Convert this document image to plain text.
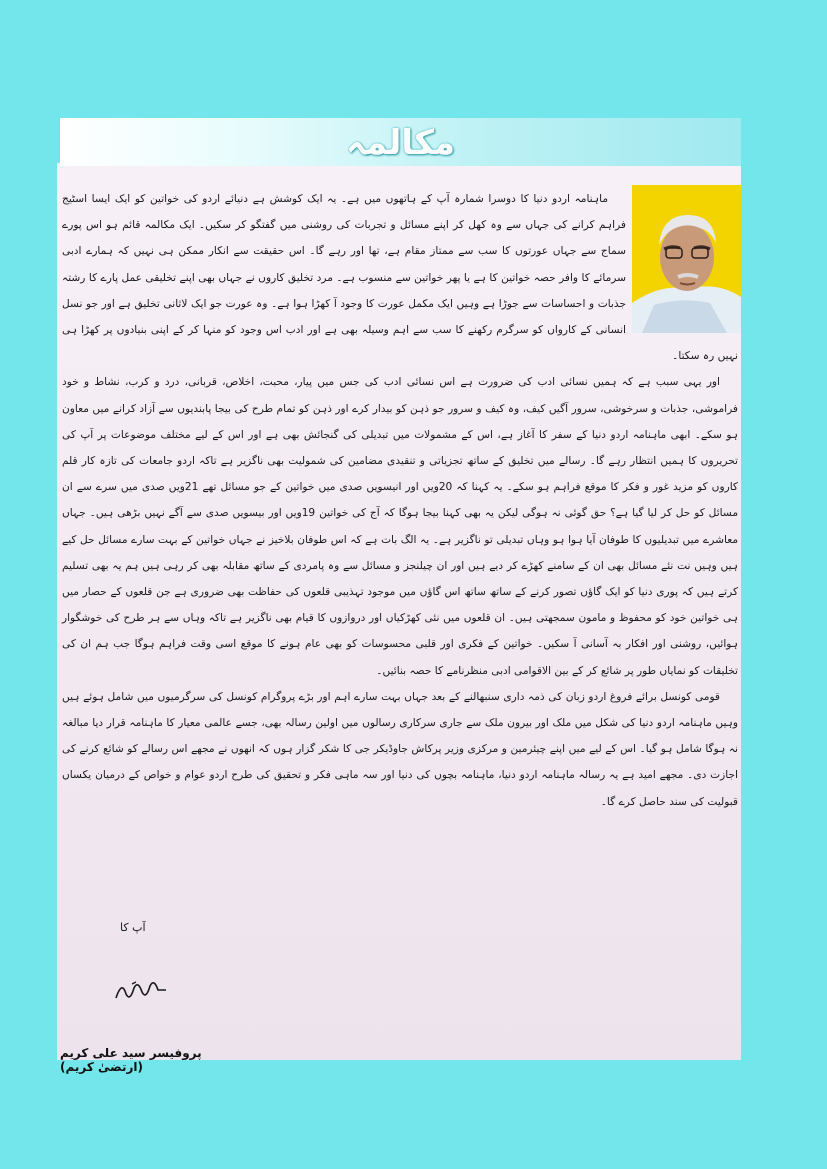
مکالمہ

ماہنامہ اردو دنیا کا دوسرا شمارہ آپ کے ہاتھوں میں ہے۔ یہ ایک کوشش ہے دنیائے اردو کی خواتین کو ایک ایسا اسٹیج فراہم کرانے کی جہاں سے وہ کھل کر اپنے مسائل و تجربات کی روشنی میں گفتگو کر سکیں۔ ایک مکالمہ قائم ہو اس پورے سماج سے جہاں عورتوں کا سب سے ممتاز مقام ہے، تھا اور رہے گا۔ اس حقیقت سے انکار ممکن ہی نہیں کہ ہمارے ادبی سرمائے کا وافر حصہ خواتین کا ہے یا پھر خواتین سے منسوب ہے۔ مرد تخلیق کاروں نے جہاں بھی اپنے تخلیقی عمل پارے کا رشتہ جذبات و احساسات سے جوڑا ہے وہیں ایک مکمل عورت کا وجود آ کھڑا ہوا ہے۔ وہ عورت جو ایک لاثانی تخلیق ہے اور جو نسل انسانی کے کارواں کو سرگرم رکھنے کا سب سے اہم وسیلہ بھی ہے اور ادب اس وجود کو منہا کر کے اپنی بنیادوں پر کھڑا ہی نہیں رہ سکتا۔

اور یہی سبب ہے کہ ہمیں نسائی ادب کی ضرورت ہے اس نسائی ادب کی جس میں پیار، محبت، اخلاص، قربانی، درد و کرب، نشاط و خود فراموشی، جذبات و سرخوشی، سرور آگیں کیف، وہ کیف و سرور جو ذہن کو بیدار کرے اور ذہن کو تمام طرح کی بیجا پابندیوں سے آزاد کرانے میں معاون ہو سکے۔ ابھی ماہنامہ اردو دنیا کے سفر کا آغاز ہے، اس کے مشمولات میں تبدیلی کی گنجائش بھی ہے اور اس کے لیے مختلف موضوعات پر آپ کی تحریروں کا ہمیں انتظار رہے گا۔ رسالے میں تخلیق کے ساتھ تجزیاتی و تنقیدی مضامین کی شمولیت بھی ناگزیر ہے تاکہ اردو جامعات کی تازہ کار قلم کاروں کو مزید غور و فکر کا موقع فراہم ہو سکے۔ یہ کہنا کہ 20ویں اور انیسویں صدی میں خواتین کے جو مسائل تھے 21ویں صدی میں سرے سے ان مسائل کو حل کر لیا گیا ہے؟ حق گوئی نہ ہوگی لیکن یہ بھی کہنا بیجا ہوگا کہ آج کی خواتین 19ویں اور بیسویں صدی سے آگے نہیں بڑھی ہیں۔ جہاں معاشرے میں تبدیلیوں کا طوفان آیا ہوا ہو وہاں تبدیلی تو ناگزیر ہے۔ یہ الگ بات ہے کہ اس طوفان بلاخیز نے جہاں خواتین کے بہت سارے مسائل حل کیے ہیں وہیں نت نئے مسائل بھی ان کے سامنے کھڑے کر دیے ہیں اور ان چیلنجز و مسائل سے وہ پامردی کے ساتھ مقابلہ بھی کر رہی ہیں ہم یہ بھی تسلیم کرتے ہیں کہ پوری دنیا کو ایک گاؤں تصور کرنے کے ساتھ ساتھ اس گاؤں میں موجود تہذیبی قلعوں کی حفاظت بھی ضروری ہے جن قلعوں کے حصار میں ہی خواتین خود کو محفوظ و مامون سمجھتی ہیں۔ ان قلعوں میں نئی کھڑکیاں اور دروازوں کا قیام بھی ناگزیر ہے تاکہ وہاں سے ہر طرح کی خوشگوار ہوائیں، روشنی اور افکار بہ آسانی آ سکیں۔ خواتین کے فکری اور قلبی محسوسات کو بھی عام ہونے کا موقع اسی وقت فراہم ہوگا جب ہم ان کی تخلیقات کو نمایاں طور پر شائع کر کے بین الاقوامی ادبی منظرنامے کا حصہ بنائیں۔

قومی کونسل برائے فروغ اردو زبان کی ذمہ داری سنبھالنے کے بعد جہاں بہت سارے اہم اور بڑے پروگرام کونسل کی سرگرمیوں میں شامل ہوئے ہیں وہیں ماہنامہ اردو دنیا کی شکل میں ملک اور بیرون ملک سے جاری سرکاری رسالوں میں اولین رسالہ بھی، جسے عالمی معیار کا ماہنامہ قرار دیا مبالغہ نہ ہوگا شامل ہو گیا۔ اس کے لیے میں اپنے چیئرمین و مرکزی وزیر پرکاش جاوڈیکر جی کا شکر گزار ہوں کہ انھوں نے مجھے اس رسالے کو شائع کرنے کی اجازت دی۔ مجھے امید ہے یہ رسالہ ماہنامہ اردو دنیا، ماہنامہ بچوں کی دنیا اور سہ ماہی فکر و تحقیق کی طرح اردو عوام و خواص کے درمیان یکساں قبولیت کی سند حاصل کرے گا۔

آپ کا
پروفیسر سید علی کریم (ارتضیٰ کریم)
